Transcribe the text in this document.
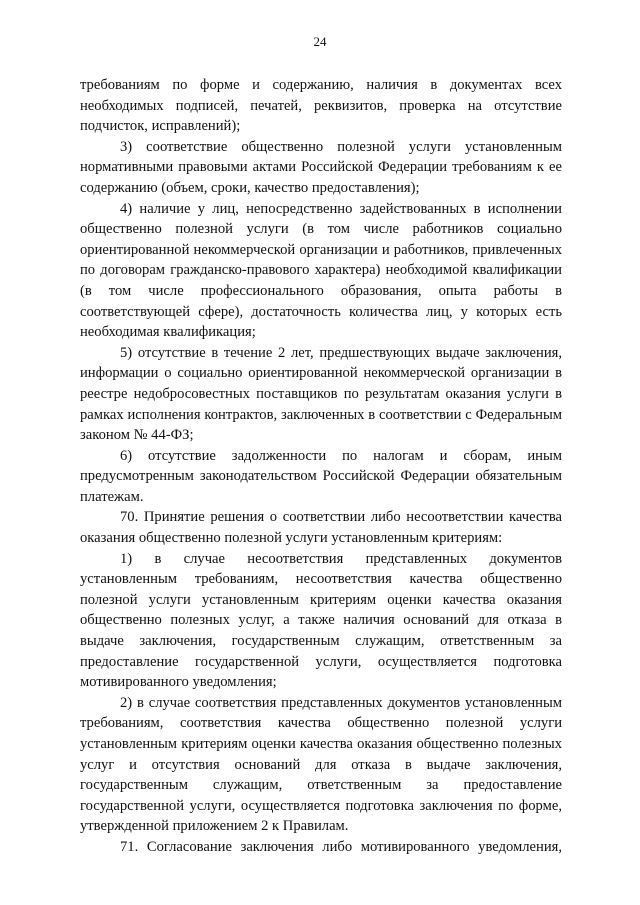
24

требованиям по форме и содержанию, наличия в документах всех необходимых подписей, печатей, реквизитов, проверка на отсутствие подчисток, исправлений);

3) соответствие общественно полезной услуги установленным нормативными правовыми актами Российской Федерации требованиям к ее содержанию (объем, сроки, качество предоставления);

4) наличие у лиц, непосредственно задействованных в исполнении общественно полезной услуги (в том числе работников социально ориентированной некоммерческой организации и работников, привлеченных по договорам гражданско-правового характера) необходимой квалификации (в том числе профессионального образования, опыта работы в соответствующей сфере), достаточность количества лиц, у которых есть необходимая квалификация;

5) отсутствие в течение 2 лет, предшествующих выдаче заключения, информации о социально ориентированной некоммерческой организации в реестре недобросовестных поставщиков по результатам оказания услуги в рамках исполнения контрактов, заключенных в соответствии с Федеральным законом № 44-ФЗ;

6) отсутствие задолженности по налогам и сборам, иным предусмотренным законодательством Российской Федерации обязательным платежам.

70. Принятие решения о соответствии либо несоответствии качества оказания общественно полезной услуги установленным критериям:

1) в случае несоответствия представленных документов установленным требованиям, несоответствия качества общественно полезной услуги установленным критериям оценки качества оказания общественно полезных услуг, а также наличия оснований для отказа в выдаче заключения, государственным служащим, ответственным за предоставление государственной услуги, осуществляется подготовка мотивированного уведомления;

2) в случае соответствия представленных документов установленным требованиям, соответствия качества общественно полезной услуги установленным критериям оценки качества оказания общественно полезных услуг и отсутствия оснований для отказа в выдаче заключения, государственным служащим, ответственным за предоставление государственной услуги, осуществляется подготовка заключения по форме, утвержденной приложением 2 к Правилам.

71. Согласование заключения либо мотивированного уведомления,
